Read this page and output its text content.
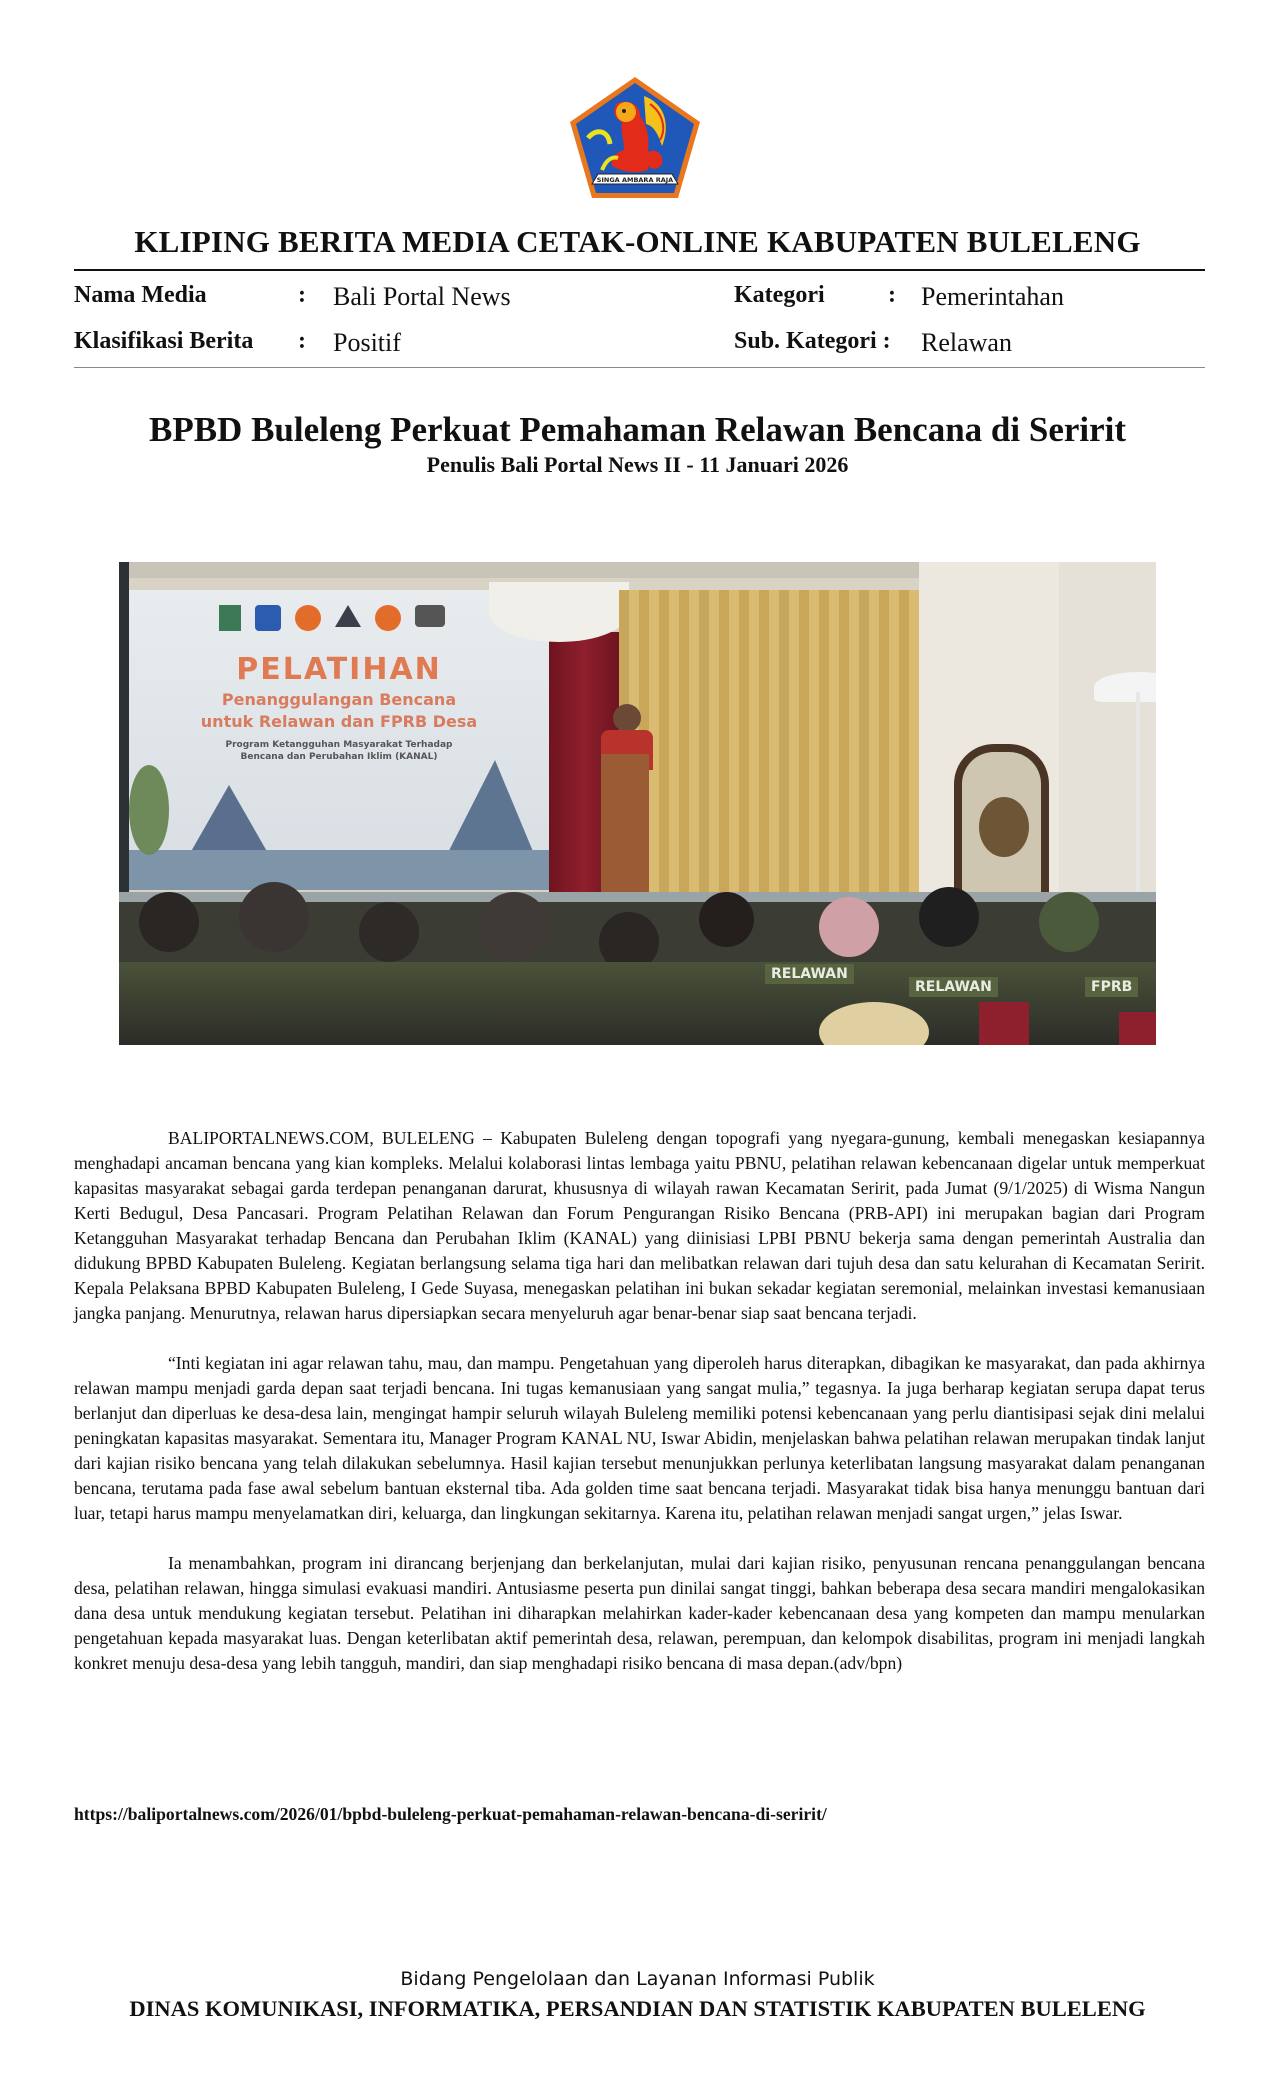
SINGA AMBARA RAJA
KLIPING BERITA MEDIA CETAK-ONLINE KABUPATEN BULELENG
Nama Media	: Bali Portal News
Klasifikasi Berita : Positif
Kategori	: Pemerintahan
Sub. Kategori : Relawan
BPBD Buleleng Perkuat Pemahaman Relawan Bencana di Seririt
Penulis Bali Portal News II - 11 Januari 2026
PELATIHAN
Penanggulangan Bencana
untuk Relawan dan FPRB Desa
Program Ketangguhan Masyarakat Terhadap
Bencana dan Perubahan Iklim (KANAL)
RELAWAN
RELAWAN	FPRB

BALIPORTALNEWS.COM, BULELENG – Kabupaten Buleleng dengan topografi yang nyegara-gunung, kembali menegaskan kesiapannya menghadapi ancaman bencana yang kian kompleks. Melalui kolaborasi lintas lembaga yaitu PBNU, pelatihan relawan kebencanaan digelar untuk memperkuat kapasitas masyarakat sebagai garda terdepan penanganan darurat, khususnya di wilayah rawan Kecamatan Seririt, pada Jumat (9/1/2025) di Wisma Nangun Kerti Bedugul, Desa Pancasari. Program Pelatihan Relawan dan Forum Pengurangan Risiko Bencana (PRB-API) ini merupakan bagian dari Program Ketangguhan Masyarakat terhadap Bencana dan Perubahan Iklim (KANAL) yang diinisiasi LPBI PBNU bekerja sama dengan pemerintah Australia dan didukung BPBD Kabupaten Buleleng. Kegiatan berlangsung selama tiga hari dan melibatkan relawan dari tujuh desa dan satu kelurahan di Kecamatan Seririt. Kepala Pelaksana BPBD Kabupaten Buleleng, I Gede Suyasa, menegaskan pelatihan ini bukan sekadar kegiatan seremonial, melainkan investasi kemanusiaan jangka panjang. Menurutnya, relawan harus dipersiapkan secara menyeluruh agar benar-benar siap saat bencana terjadi.

“Inti kegiatan ini agar relawan tahu, mau, dan mampu. Pengetahuan yang diperoleh harus diterapkan, dibagikan ke masyarakat, dan pada akhirnya relawan mampu menjadi garda depan saat terjadi bencana. Ini tugas kemanusiaan yang sangat mulia,” tegasnya. Ia juga berharap kegiatan serupa dapat terus berlanjut dan diperluas ke desa-desa lain, mengingat hampir seluruh wilayah Buleleng memiliki potensi kebencanaan yang perlu diantisipasi sejak dini melalui peningkatan kapasitas masyarakat. Sementara itu, Manager Program KANAL NU, Iswar Abidin, menjelaskan bahwa pelatihan relawan merupakan tindak lanjut dari kajian risiko bencana yang telah dilakukan sebelumnya. Hasil kajian tersebut menunjukkan perlunya keterlibatan langsung masyarakat dalam penanganan bencana, terutama pada fase awal sebelum bantuan eksternal tiba. Ada golden time saat bencana terjadi. Masyarakat tidak bisa hanya menunggu bantuan dari luar, tetapi harus mampu menyelamatkan diri, keluarga, dan lingkungan sekitarnya. Karena itu, pelatihan relawan menjadi sangat urgen,” jelas Iswar.

Ia menambahkan, program ini dirancang berjenjang dan berkelanjutan, mulai dari kajian risiko, penyusunan rencana penanggulangan bencana desa, pelatihan relawan, hingga simulasi evakuasi mandiri. Antusiasme peserta pun dinilai sangat tinggi, bahkan beberapa desa secara mandiri mengalokasikan dana desa untuk mendukung kegiatan tersebut. Pelatihan ini diharapkan melahirkan kader-kader kebencanaan desa yang kompeten dan mampu menularkan pengetahuan kepada masyarakat luas. Dengan keterlibatan aktif pemerintah desa, relawan, perempuan, dan kelompok disabilitas, program ini menjadi langkah konkret menuju desa-desa yang lebih tangguh, mandiri, dan siap menghadapi risiko bencana di masa depan.(adv/bpn)

https://baliportalnews.com/2026/01/bpbd-buleleng-perkuat-pemahaman-relawan-bencana-di-seririt/
Bidang Pengelolaan dan Layanan Informasi Publik
DINAS KOMUNIKASI, INFORMATIKA, PERSANDIAN DAN STATISTIK KABUPATEN BULELENG
